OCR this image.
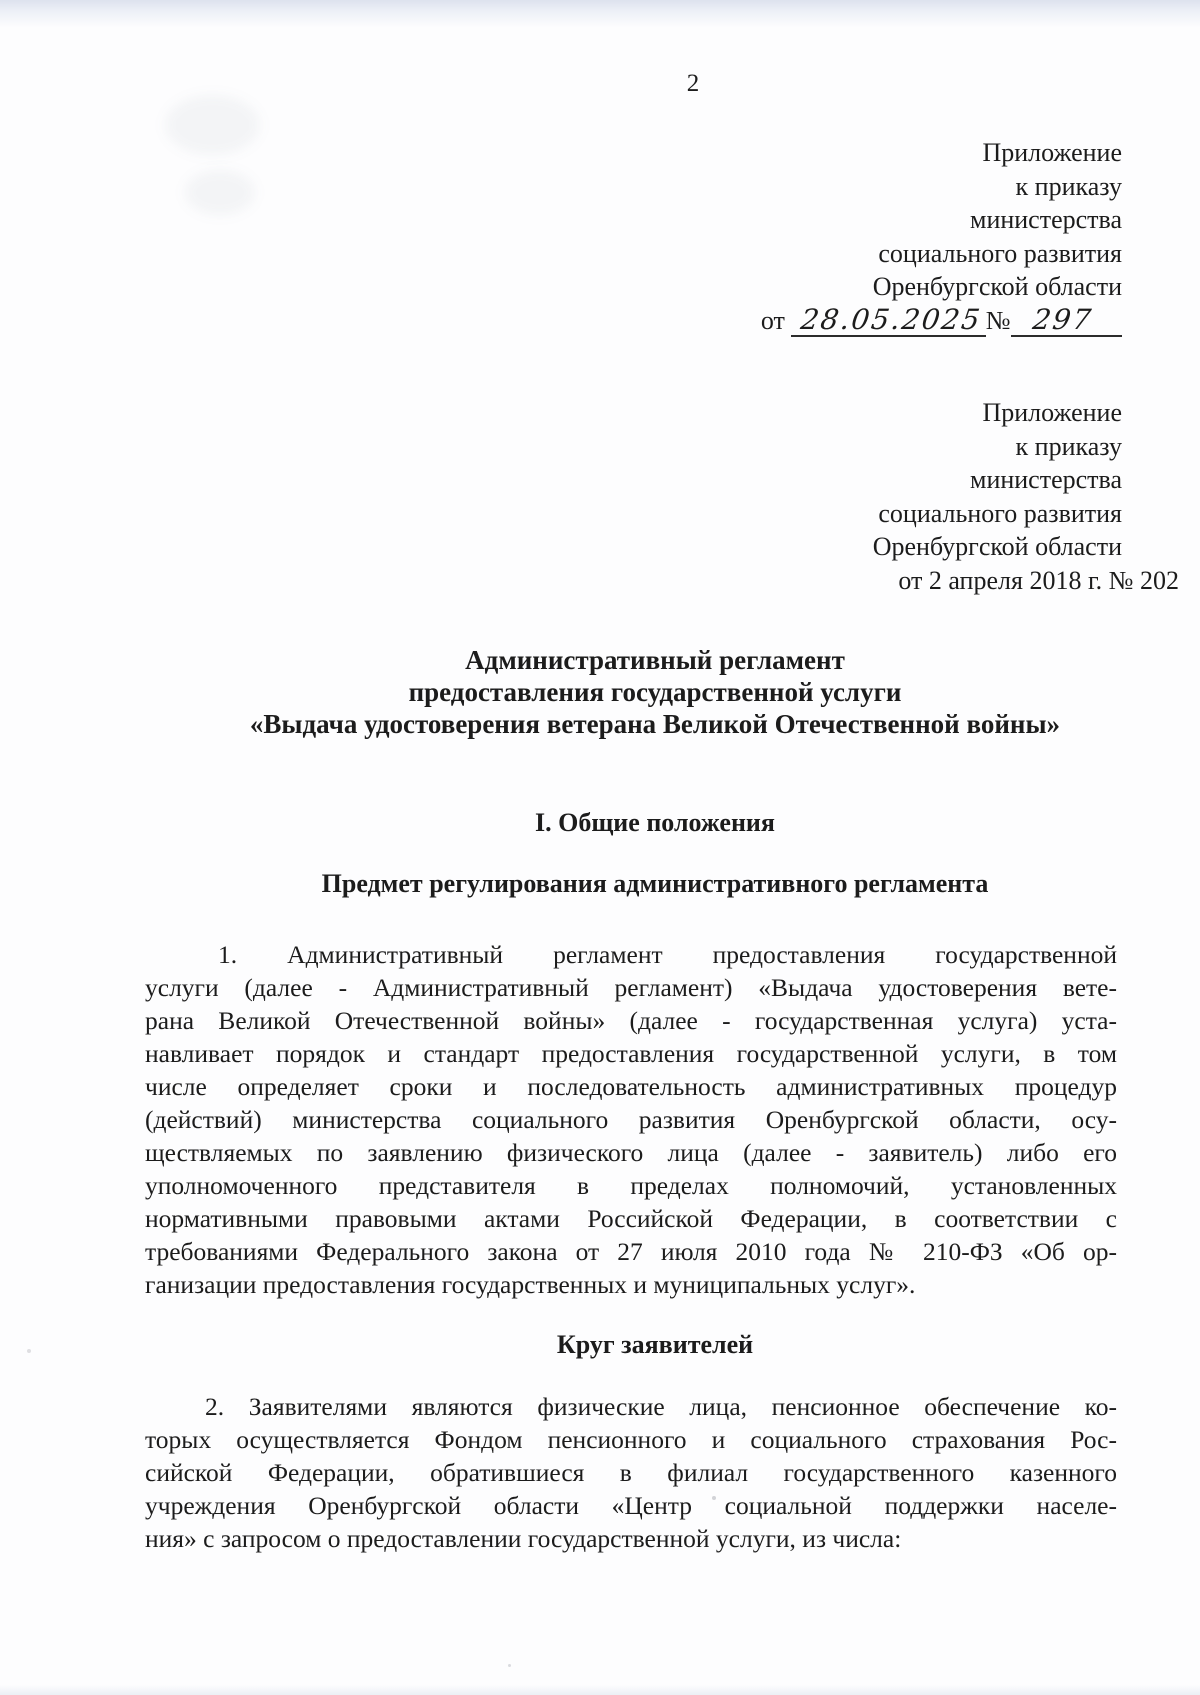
2
Приложение
к приказу
министерства
социального развития
Оренбургской области
от 28.05.2025№ 297
Приложение
к приказу
министерства
социального развития
Оренбургской области
от 2 апреля 2018 г. № 202
Административный регламент
предоставления государственной услуги
«Выдача удостоверения ветерана Великой Отечественной войны»
I. Общие положения
Предмет регулирования административного регламента
1. Административный регламент предоставления государственной
услуги (далее - Административный регламент) «Выдача удостоверения вете-
рана Великой Отечественной войны» (далее - государственная услуга) уста-
навливает порядок и стандарт предоставления государственной услуги, в том
числе определяет сроки и последовательность административных процедур
(действий) министерства социального развития Оренбургской области, осу-
ществляемых по заявлению физического лица (далее - заявитель) либо его
уполномоченного представителя в пределах полномочий, установленных
нормативными правовыми актами Российской Федерации, в соответствии с
требованиями Федерального закона от 27 июля 2010 года № 210-ФЗ «Об ор-
ганизации предоставления государственных и муниципальных услуг».
Круг заявителей
2. Заявителями являются физические лица, пенсионное обеспечение ко-
торых осуществляется Фондом пенсионного и социального страхования Рос-
сийской Федерации, обратившиеся в филиал государственного казенного
учреждения Оренбургской области «Центр социальной поддержки населе-
ния» с запросом о предоставлении государственной услуги, из числа:
